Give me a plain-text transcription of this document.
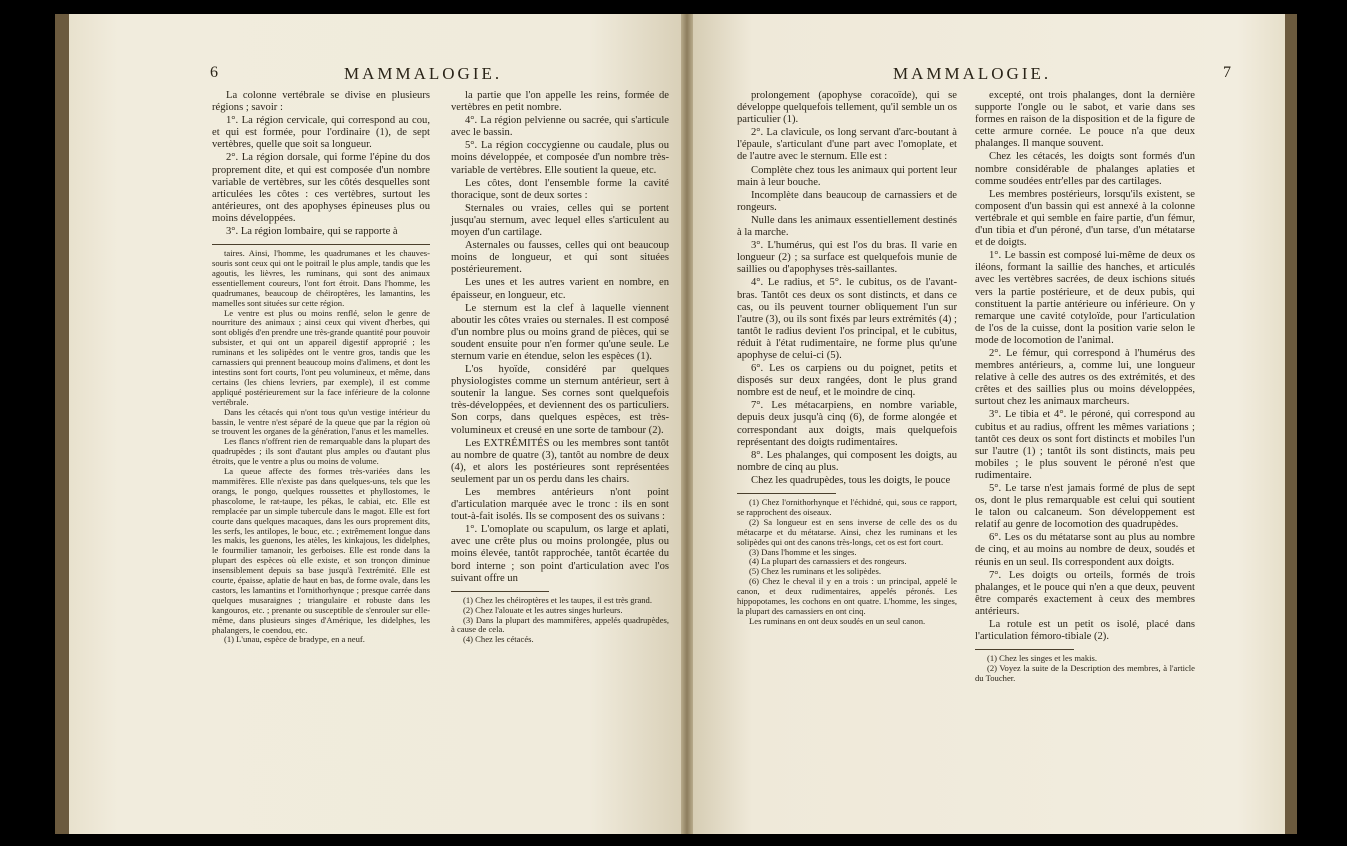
6	MAMMALOGIE.

La colonne vertébrale se divise en plusieurs régions ; savoir :

1°. La région cervicale, qui correspond au cou, et qui est formée, pour l'ordinaire (1), de sept vertèbres, quelle que soit sa longueur.

2°. La région dorsale, qui forme l'épine du dos proprement dite, et qui est composée d'un nombre variable de vertèbres, sur les côtés desquelles sont articulées les côtes : ces vertèbres, surtout les antérieures, ont des apophyses épineuses plus ou moins développées.

3°. La région lombaire, qui se rapporte à

taires. Ainsi, l'homme, les quadrumanes et les chauves-souris sont ceux qui ont le poitrail le plus ample, tandis que les agoutis, les lièvres, les ruminans, qui sont des animaux essentiellement coureurs, l'ont fort étroit. Dans l'homme, les quadrumanes, beaucoup de chéiroptères, les lamantins, les mamelles sont situées sur cette région.

Le ventre est plus ou moins renflé, selon le genre de nourriture des animaux ; ainsi ceux qui vivent d'herbes, qui sont obligés d'en prendre une très-grande quantité pour pouvoir subsister, et qui ont un appareil digestif approprié ; les ruminans et les solipèdes ont le ventre gros, tandis que les carnassiers qui prennent beaucoup moins d'alimens, et dont les intestins sont fort courts, l'ont peu volumineux, et même, dans certains (les chiens levriers, par exemple), il est comme appliqué postérieurement sur la face inférieure de la colonne vertébrale.

Dans les cétacés qui n'ont tous qu'un vestige intérieur du bassin, le ventre n'est séparé de la queue que par la région où se trouvent les organes de la génération, l'anus et les mamelles.

Les flancs n'offrent rien de remarquable dans la plupart des quadrupèdes ; ils sont d'autant plus amples ou d'autant plus étroits, que le ventre a plus ou moins de volume.

La queue affecte des formes très-variées dans les mammifères. Elle n'existe pas dans quelques-uns, tels que les orangs, le pongo, quelques roussettes et phyllostomes, le phascolome, le rat-taupe, les pékas, le cabiai, etc. Elle est remplacée par un simple tubercule dans le magot. Elle est fort courte dans quelques macaques, dans les ours proprement dits, les serfs, les antilopes, le bouc, etc. ; extrêmement longue dans les makis, les guenons, les atèles, les kinkajous, les didelphes, le fourmilier tamanoir, les gerboises. Elle est ronde dans la plupart des espèces où elle existe, et son tronçon diminue insensiblement depuis sa base jusqu'à l'extrémité. Elle est courte, épaisse, aplatie de haut en bas, de forme ovale, dans les castors, les lamantins et l'ornithorhynque ; presque carrée dans quelques musaraignes ; triangulaire et robuste dans les kangouros, etc. ; prenante ou susceptible de s'enrouler sur elle-même, dans plusieurs singes d'Amérique, les didelphes, les phalangers, le coendou, etc.

(1) L'unau, espèce de bradype, en a neuf.

la partie que l'on appelle les reins, formée de vertèbres en petit nombre.

4°. La région pelvienne ou sacrée, qui s'articule avec le bassin.

5°. La région coccygienne ou caudale, plus ou moins développée, et composée d'un nombre très-variable de vertèbres. Elle soutient la queue, etc.

Les côtes, dont l'ensemble forme la cavité thoracique, sont de deux sortes :

Sternales ou vraies, celles qui se portent jusqu'au sternum, avec lequel elles s'articulent au moyen d'un cartilage.

Asternales ou fausses, celles qui ont beaucoup moins de longueur, et qui sont situées postérieurement.

Les unes et les autres varient en nombre, en épaisseur, en longueur, etc.

Le sternum est la clef à laquelle viennent aboutir les côtes vraies ou sternales. Il est composé d'un nombre plus ou moins grand de pièces, qui se soudent ensuite pour n'en former qu'une seule. Le sternum varie en étendue, selon les espèces (1).

L'os hyoïde, considéré par quelques physiologistes comme un sternum antérieur, sert à soutenir la langue. Ses cornes sont quelquefois très-développées, et deviennent des os particuliers. Son corps, dans quelques espèces, est très-volumineux et creusé en une sorte de tambour (2).

Les EXTRÉMITÉS ou les membres sont tantôt au nombre de quatre (3), tantôt au nombre de deux (4), et alors les postérieures sont représentées seulement par un os perdu dans les chairs.

Les membres antérieurs n'ont point d'articulation marquée avec le tronc : ils en sont tout-à-fait isolés. Ils se composent des os suivans :

1°. L'omoplate ou scapulum, os large et aplati, avec une crête plus ou moins prolongée, plus ou moins élevée, tantôt rapprochée, tantôt écartée du bord interne ; son point d'articulation avec l'os suivant offre un

(1) Chez les chéiroptères et les taupes, il est très grand.

(2) Chez l'alouate et les autres singes hurleurs.

(3) Dans la plupart des mammifères, appelés quadrupèdes, à cause de cela.

(4) Chez les cétacés.

MAMMALOGIE.	7

prolongement (apophyse coracoïde), qui se développe quelquefois tellement, qu'il semble un os particulier (1).

2°. La clavicule, os long servant d'arc-boutant à l'épaule, s'articulant d'une part avec l'omoplate, et de l'autre avec le sternum. Elle est :

Complète chez tous les animaux qui portent leur main à leur bouche.

Incomplète dans beaucoup de carnassiers et de rongeurs.

Nulle dans les animaux essentiellement destinés à la marche.

3°. L'humérus, qui est l'os du bras. Il varie en longueur (2) ; sa surface est quelquefois munie de saillies ou d'apophyses très-saillantes.

4°. Le radius, et 5°. le cubitus, os de l'avant-bras. Tantôt ces deux os sont distincts, et dans ce cas, ou ils peuvent tourner obliquement l'un sur l'autre (3), ou ils sont fixés par leurs extrémités (4) ; tantôt le radius devient l'os principal, et le cubitus, réduit à l'état rudimentaire, ne forme plus qu'une apophyse de celui-ci (5).

6°. Les os carpiens ou du poignet, petits et disposés sur deux rangées, dont le plus grand nombre est de neuf, et le moindre de cinq.

7°. Les métacarpiens, en nombre variable, depuis deux jusqu'à cinq (6), de forme alongée et correspondant aux doigts, mais quelquefois représentant des doigts rudimentaires.

8°. Les phalanges, qui composent les doigts, au nombre de cinq au plus.

Chez les quadrupèdes, tous les doigts, le pouce

(1) Chez l'ornithorhynque et l'échidné, qui, sous ce rapport, se rapprochent des oiseaux.

(2) Sa longueur est en sens inverse de celle des os du métacarpe et du métatarse. Ainsi, chez les ruminans et les solipèdes qui ont des canons très-longs, cet os est fort court.

(3) Dans l'homme et les singes.

(4) La plupart des carnassiers et des rongeurs.

(5) Chez les ruminans et les solipèdes.

(6) Chez le cheval il y en a trois : un principal, appelé le canon, et deux rudimentaires, appelés péronés. Les hippopotames, les cochons en ont quatre. L'homme, les singes, la plupart des carnassiers en ont cinq.

Les ruminans en ont deux soudés en un seul canon.

excepté, ont trois phalanges, dont la dernière supporte l'ongle ou le sabot, et varie dans ses formes en raison de la disposition et de la figure de cette armure cornée. Le pouce n'a que deux phalanges. Il manque souvent.

Chez les cétacés, les doigts sont formés d'un nombre considérable de phalanges aplaties et comme soudées entr'elles par des cartilages.

Les membres postérieurs, lorsqu'ils existent, se composent d'un bassin qui est annexé à la colonne vertébrale et qui semble en faire partie, d'un fémur, d'un tibia et d'un péroné, d'un tarse, d'un métatarse et de doigts.

1°. Le bassin est composé lui-même de deux os iléons, formant la saillie des hanches, et articulés avec les vertèbres sacrées, de deux ischions situés vers la partie postérieure, et de deux pubis, qui constituent la partie antérieure ou inférieure. On y remarque une cavité cotyloïde, pour l'articulation de l'os de la cuisse, dont la position varie selon le mode de locomotion de l'animal.

2°. Le fémur, qui correspond à l'humérus des membres antérieurs, a, comme lui, une longueur relative à celle des autres os des extrémités, et des crêtes et des saillies plus ou moins développées, surtout chez les animaux marcheurs.

3°. Le tibia et 4°. le péroné, qui correspond au cubitus et au radius, offrent les mêmes variations ; tantôt ces deux os sont fort distincts et mobiles l'un sur l'autre (1) ; tantôt ils sont distincts, mais peu mobiles ; le plus souvent le péroné n'est que rudimentaire.

5°. Le tarse n'est jamais formé de plus de sept os, dont le plus remarquable est celui qui soutient le talon ou calcaneum. Son développement est relatif au genre de locomotion des quadrupèdes.

6°. Les os du métatarse sont au plus au nombre de cinq, et au moins au nombre de deux, soudés et réunis en un seul. Ils correspondent aux doigts.

7°. Les doigts ou orteils, formés de trois phalanges, et le pouce qui n'en a que deux, peuvent être comparés exactement à ceux des membres antérieurs.

La rotule est un petit os isolé, placé dans l'articulation fémoro-tibiale (2).

(1) Chez les singes et les makis.

(2) Voyez la suite de la Description des membres, à l'article du Toucher.
